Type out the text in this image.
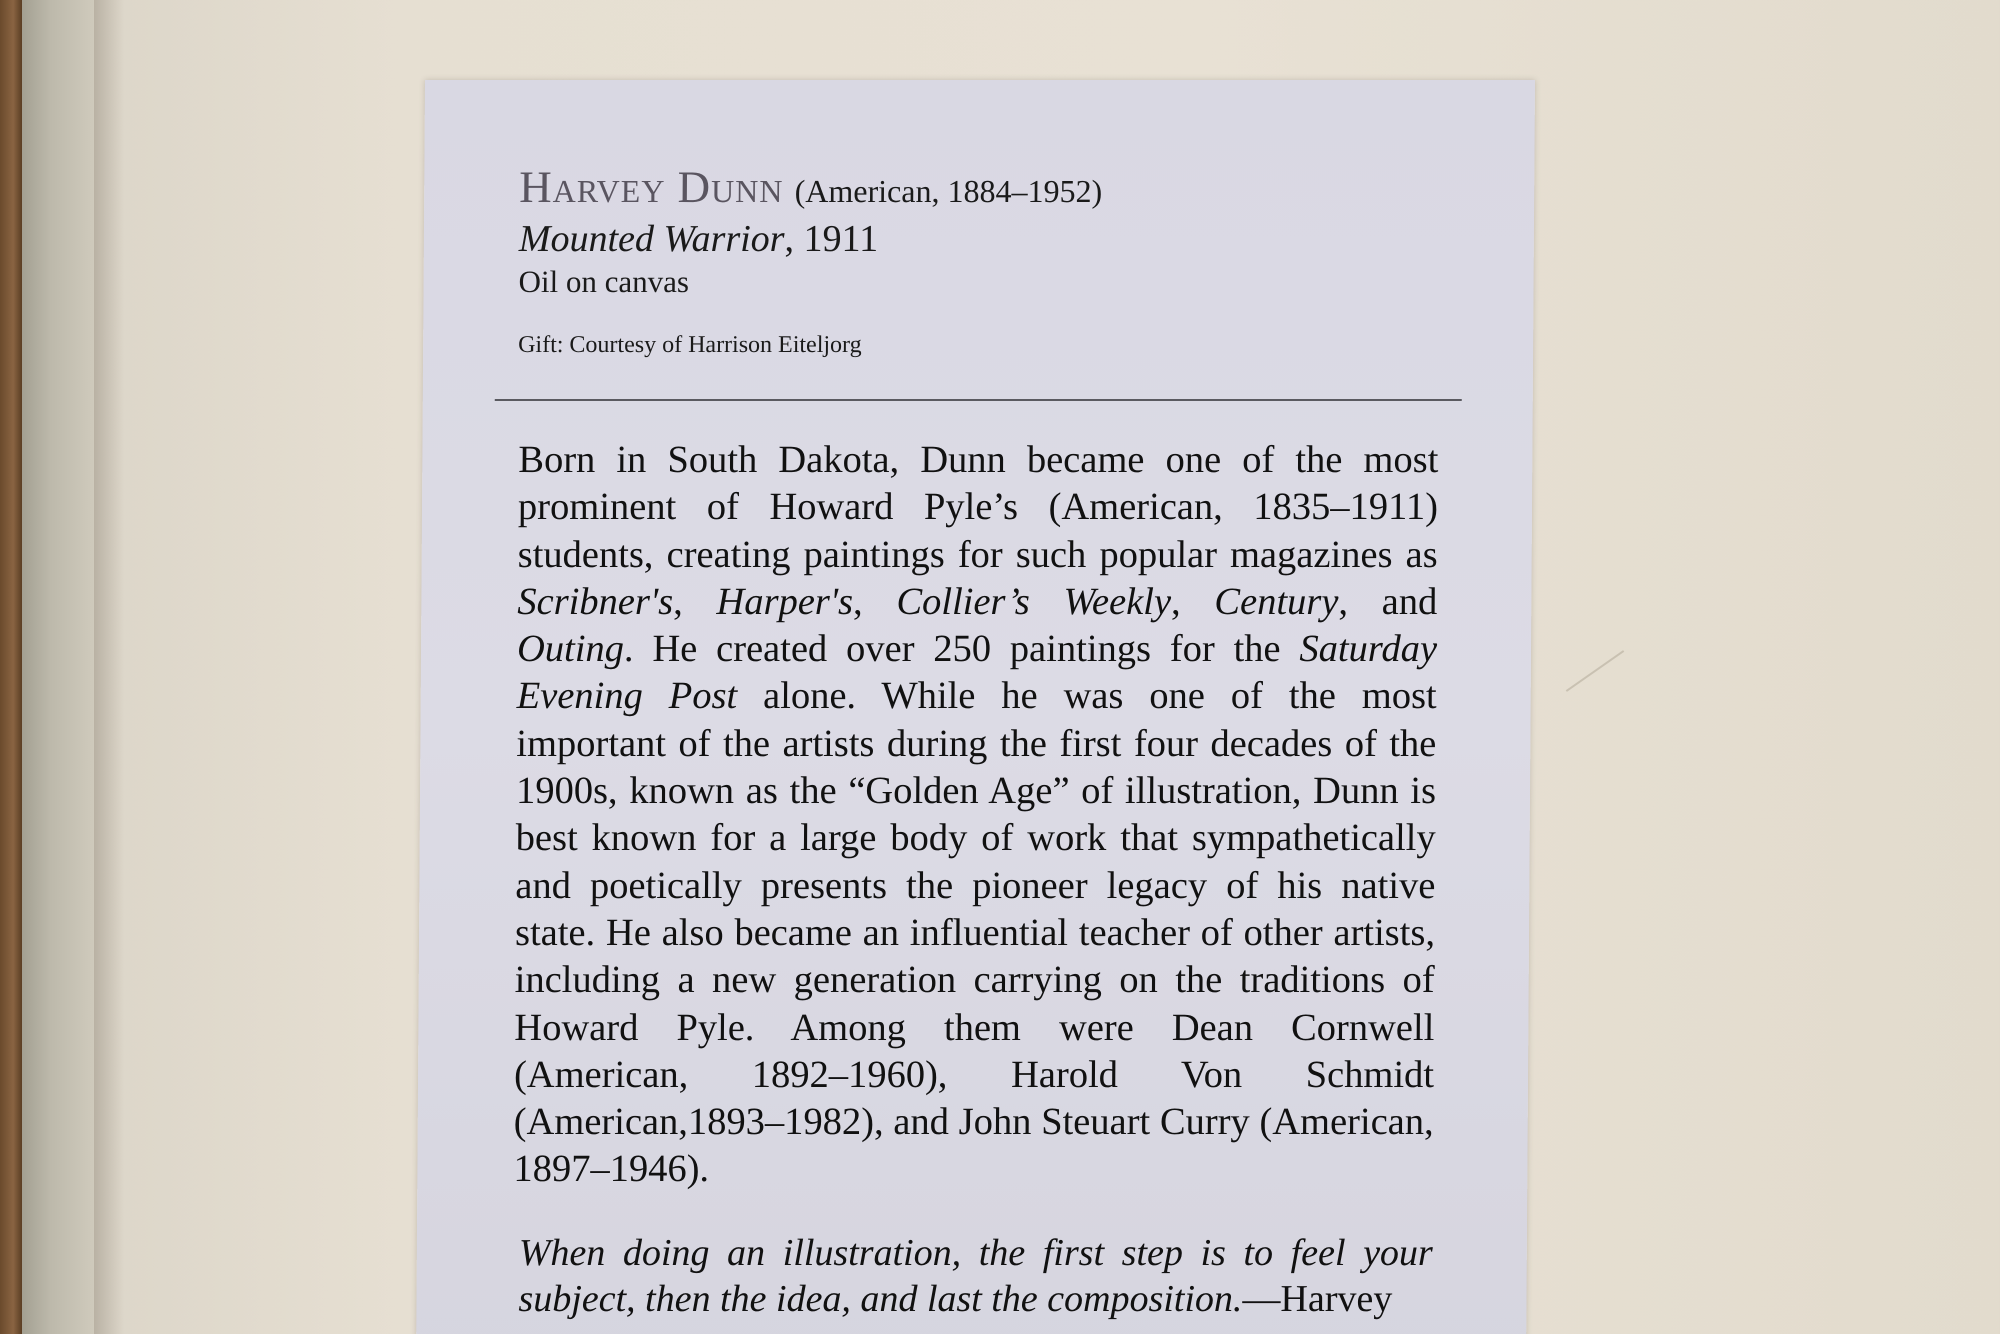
Harvey Dunn (American, 1884–1952)
Mounted Warrior, 1911
Oil on canvas
Gift: Courtesy of Harrison Eiteljorg
Born in South Dakota, Dunn became one of the most prominent of Howard Pyle’s (American, 1835–1911) students, creating paintings for such popular magazines as Scribner's, Harper's, Collier’s Weekly, Century, and Outing. He created over 250 paintings for the Saturday Evening Post alone. While he was one of the most important of the artists during the first four decades of the 1900s, known as the “Golden Age” of illustration, Dunn is best known for a large body of work that sympathetically and poetically presents the pioneer legacy of his native state. He also became an influential teacher of other artists, including a new generation carrying on the traditions of Howard Pyle. Among them were Dean Cornwell (American, 1892–1960), Harold Von Schmidt (American,1893–1982), and John Steuart Curry (American, 1897–1946).
When doing an illustration, the first step is to feel your subject, then the idea, and last the composition.—Harvey
